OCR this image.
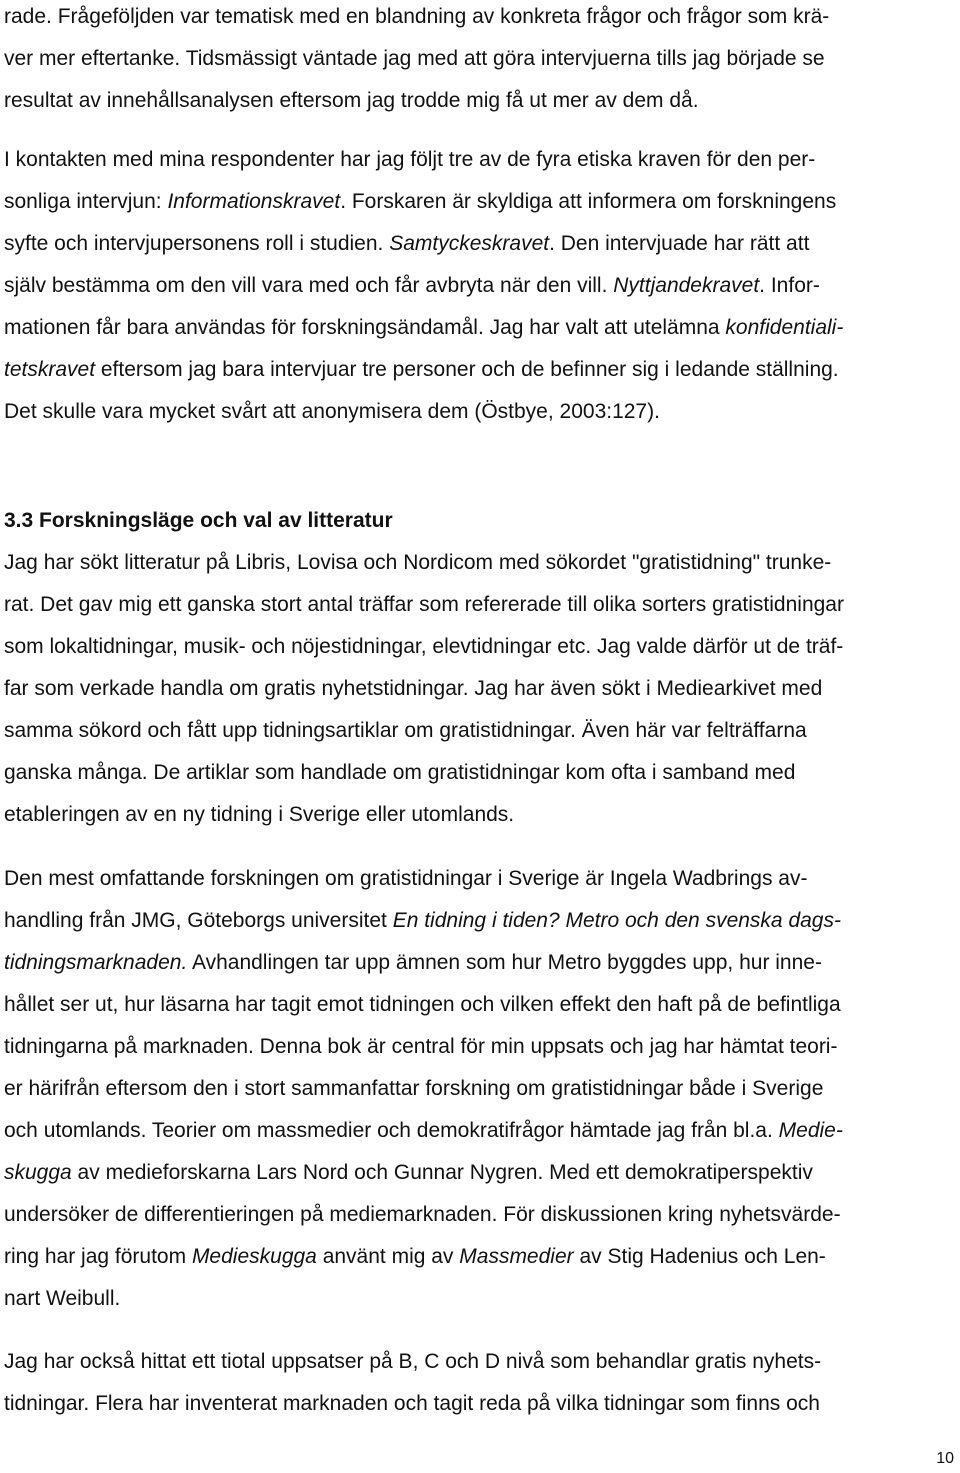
rade. Frågeföljden var tematisk med en blandning av konkreta frågor och frågor som krä-
ver mer eftertanke. Tidsmässigt väntade jag med att göra intervjuerna tills jag började se
resultat av innehållsanalysen eftersom jag trodde mig få ut mer av dem då.
I kontakten med mina respondenter har jag följt tre av de fyra etiska kraven för den per-
sonliga intervjun: Informationskravet. Forskaren är skyldiga att informera om forskningens
syfte och intervjupersonens roll i studien. Samtyckeskravet. Den intervjuade har rätt att
själv bestämma om den vill vara med och får avbryta när den vill. Nyttjandekravet. Infor-
mationen får bara användas för forskningsändamål. Jag har valt att utelämna konfidentiali-
tetskravet eftersom jag bara intervjuar tre personer och de befinner sig i ledande ställning.
Det skulle vara mycket svårt att anonymisera dem (Östbye, 2003:127).
3.3 Forskningsläge och val av litteratur
Jag har sökt litteratur på Libris, Lovisa och Nordicom med sökordet "gratistidning" trunke-
rat. Det gav mig ett ganska stort antal träffar som refererade till olika sorters gratistidningar
som lokaltidningar, musik- och nöjestidningar, elevtidningar etc. Jag valde därför ut de träf-
far som verkade handla om gratis nyhetstidningar. Jag har även sökt i Mediearkivet med
samma sökord och fått upp tidningsartiklar om gratistidningar. Även här var felträffarna
ganska många. De artiklar som handlade om gratistidningar kom ofta i samband med
etableringen av en ny tidning i Sverige eller utomlands.
Den mest omfattande forskningen om gratistidningar i Sverige är Ingela Wadbrings av-
handling från JMG, Göteborgs universitet En tidning i tiden? Metro och den svenska dags-
tidningsmarknaden. Avhandlingen tar upp ämnen som hur Metro byggdes upp, hur inne-
hållet ser ut, hur läsarna har tagit emot tidningen och vilken effekt den haft på de befintliga
tidningarna på marknaden. Denna bok är central för min uppsats och jag har hämtat teori-
er härifrån eftersom den i stort sammanfattar forskning om gratistidningar både i Sverige
och utomlands. Teorier om massmedier och demokratifrågor hämtade jag från bl.a. Medie-
skugga av medieforskarna Lars Nord och Gunnar Nygren. Med ett demokratiperspektiv
undersöker de differentieringen på mediemarknaden. För diskussionen kring nyhetsvärde-
ring har jag förutom Medieskugga använt mig av Massmedier av Stig Hadenius och Len-
nart Weibull.
Jag har också hittat ett tiotal uppsatser på B, C och D nivå som behandlar gratis nyhets-
tidningar. Flera har inventerat marknaden och tagit reda på vilka tidningar som finns och
10
